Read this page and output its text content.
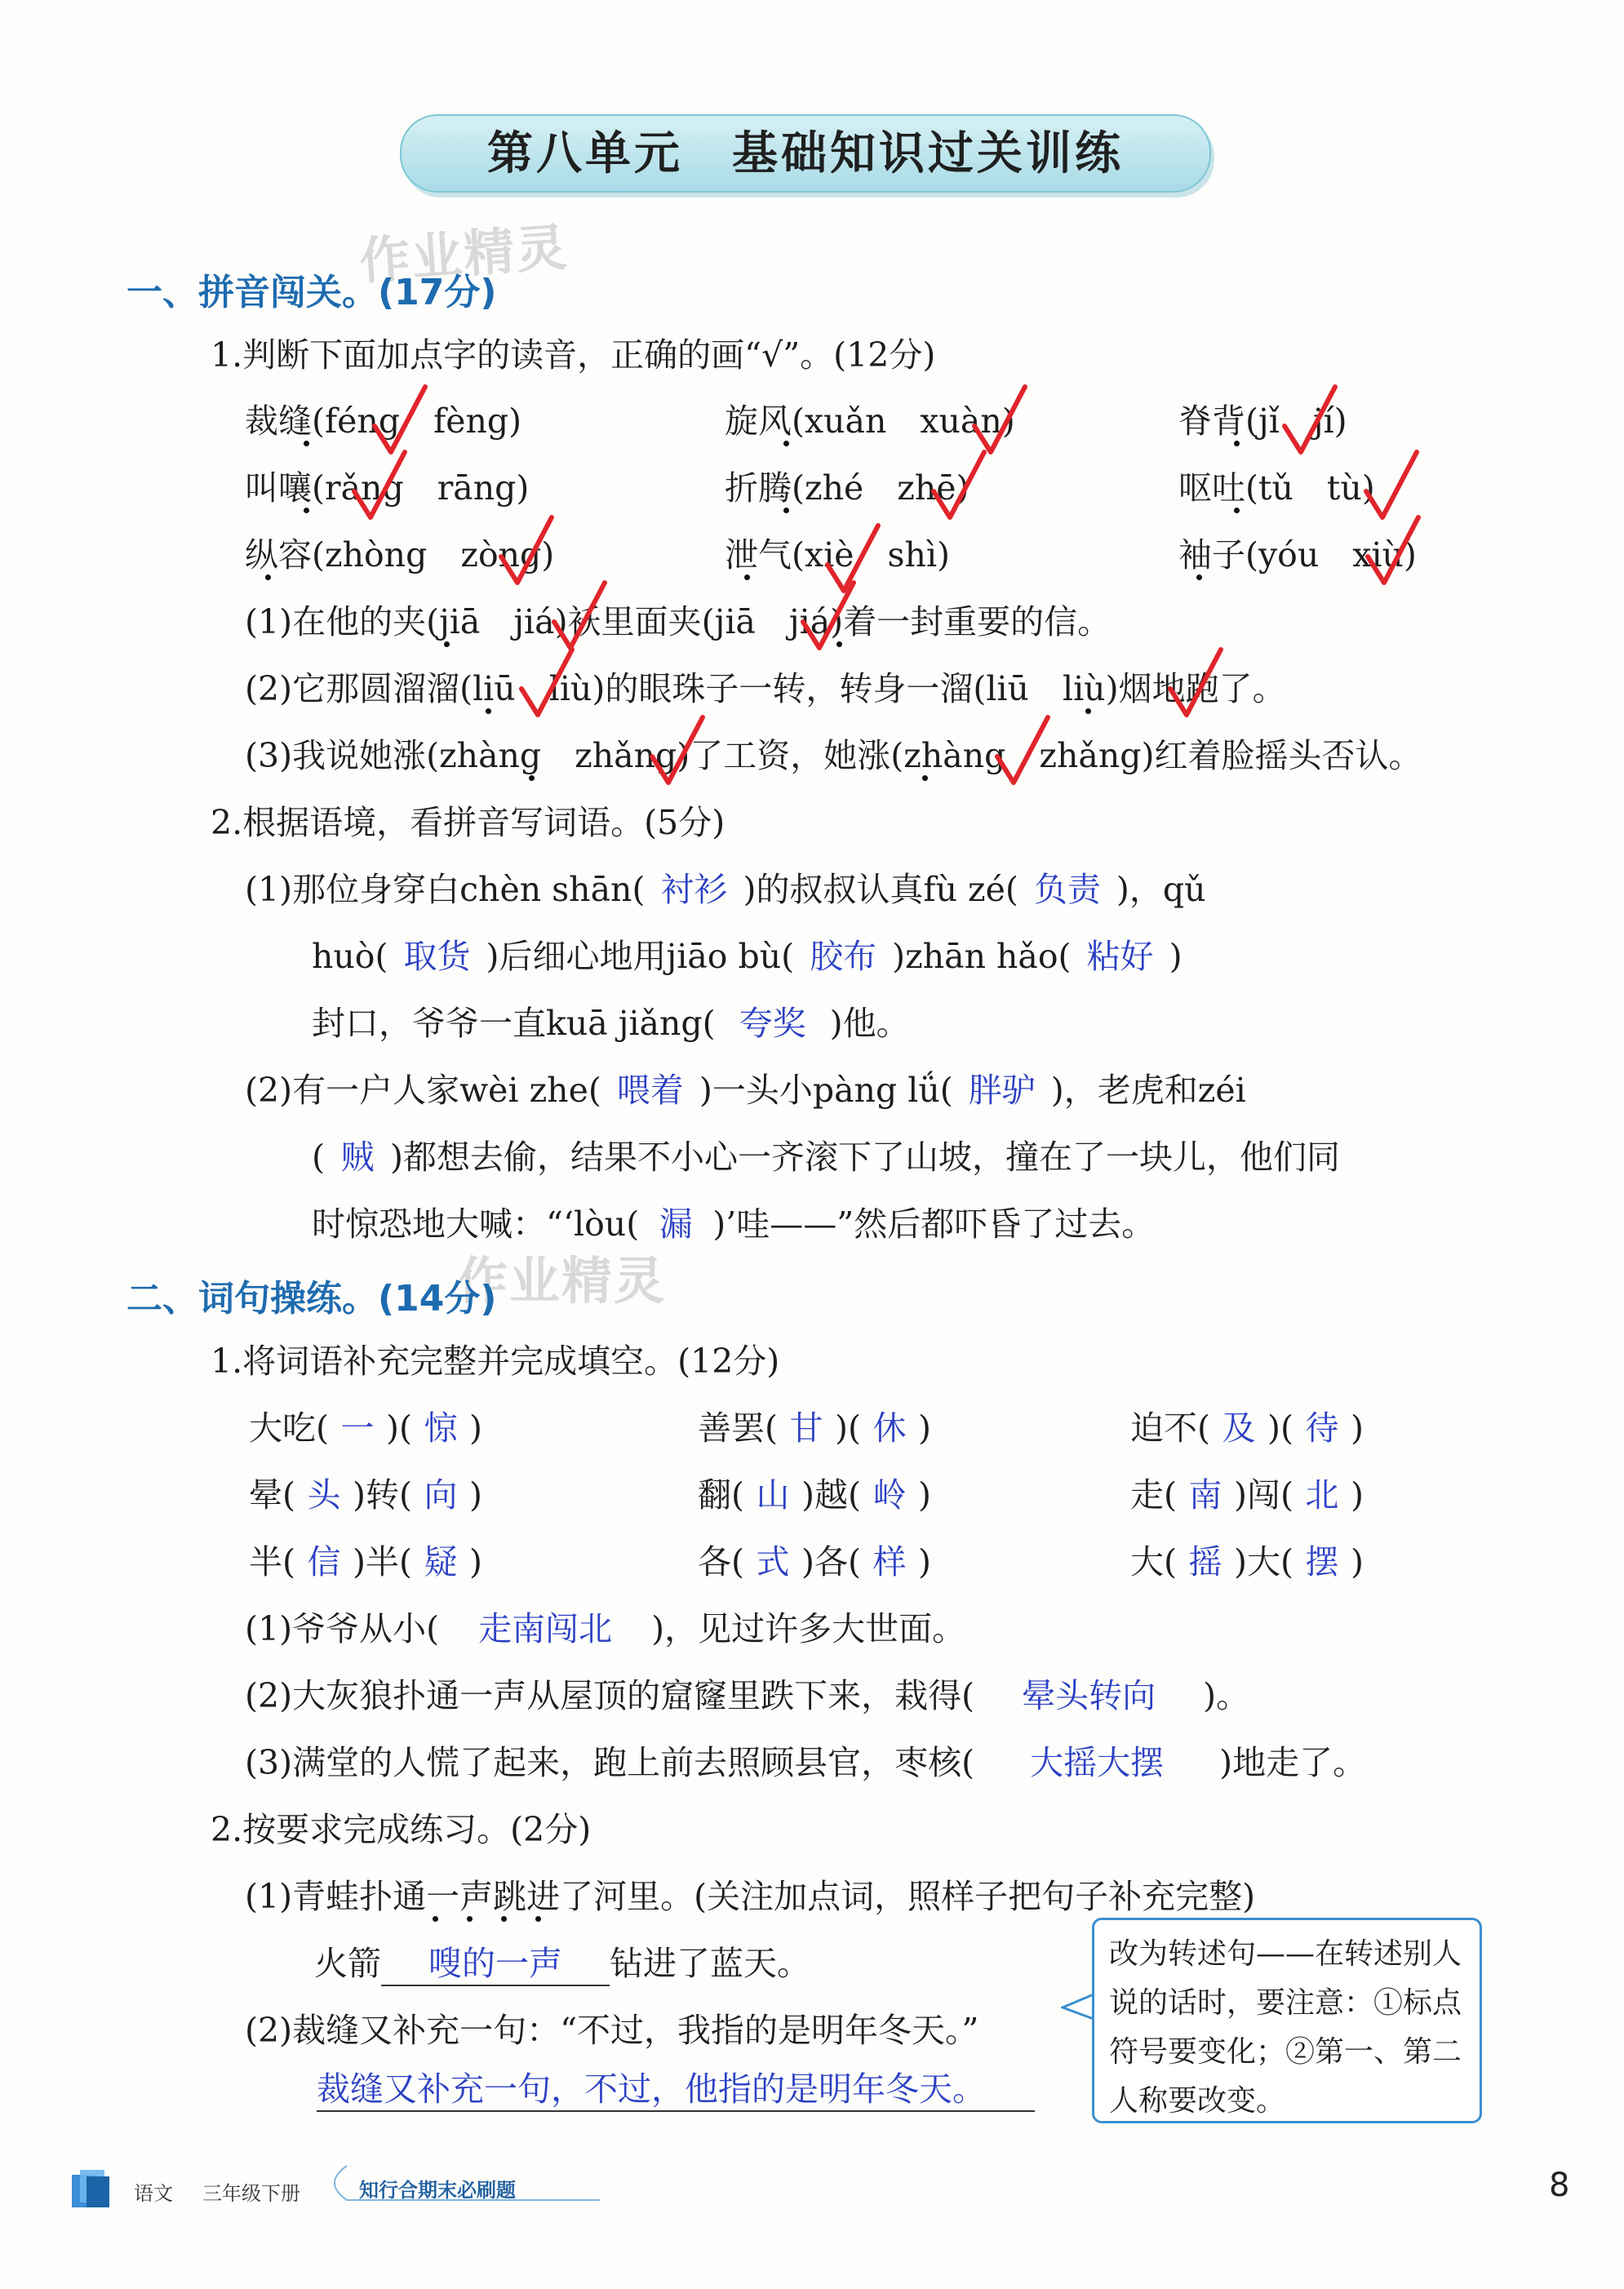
第八单元　基础知识过关训练
作业精灵
作业精灵
一、拼音闯关。(17分)
1.判断下面加点字的读音，正确的画“√”。(12分)
裁缝(féng　fèng)	旋风(xuǎn　xuàn)	脊背(jǐ　jí)
叫嚷(rǎng　rāng)	折腾(zhé　zhē)	呕吐(tǔ　tù)
纵容(zhòng　zòng)	泄气(xiè　shì)	袖子(yóu　xiù)
(1)在他的夹(jiā　jiá)袄里面夹(jiā　jiá)着一封重要的信。
(2)它那圆溜溜(liū　liù)的眼珠子一转，转身一溜(liū　liù)烟地跑了。
(3)我说她涨(zhàng　zhǎng)了工资，她涨(zhàng　zhǎng)红着脸摇头否认。
2.根据语境，看拼音写词语。(5分)
(1)那位身穿白chèn shān( 衬衫 )的叔叔认真fù zé( 负责 )，qǔ
huò( 取货 )后细心地用jiāo bù( 胶布 )zhān hǎo( 粘好 )
封口，爷爷一直kuā jiǎng( 夸奖 )他。
(2)有一户人家wèi zhe( 喂着 )一头小pàng lǘ( 胖驴 )，老虎和zéi
( 贼 )都想去偷，结果不小心一齐滚下了山坡，撞在了一块儿，他们同
时惊恐地大喊：“‘lòu( 漏 )’哇——”然后都吓昏了过去。
二、词句操练。(14分)
1.将词语补充完整并完成填空。(12分)
大吃( 一 )( 惊 )	善罢( 甘 )( 休 )	迫不( 及 )( 待 )
晕( 头 )转( 向 )	翻( 山 )越( 岭 )	走( 南 )闯( 北 )
半( 信 )半( 疑 )	各( 式 )各( 样 )	大( 摇 )大( 摆 )
(1)爷爷从小( 走南闯北 )，见过许多大世面。
(2)大灰狼扑通一声从屋顶的窟窿里跌下来，栽得( 晕头转向 )。
(3)满堂的人慌了起来，跑上前去照顾县官，枣核( 大摇大摆 )地走了。
2.按要求完成练习。(2分)
(1)青蛙扑通一声跳进了河里。(关注加点词，照样子把句子补充完整)
火箭 嗖的一声 钻进了蓝天。
(2)裁缝又补充一句：“不过，我指的是明年冬天。”
裁缝又补充一句，不过，他指的是明年冬天。
改为转述句——在转述别人说的话时，要注意：①标点符号要变化；②第一、第二人称要改变。
语文 三年级下册	知行合期末必刷题	8
